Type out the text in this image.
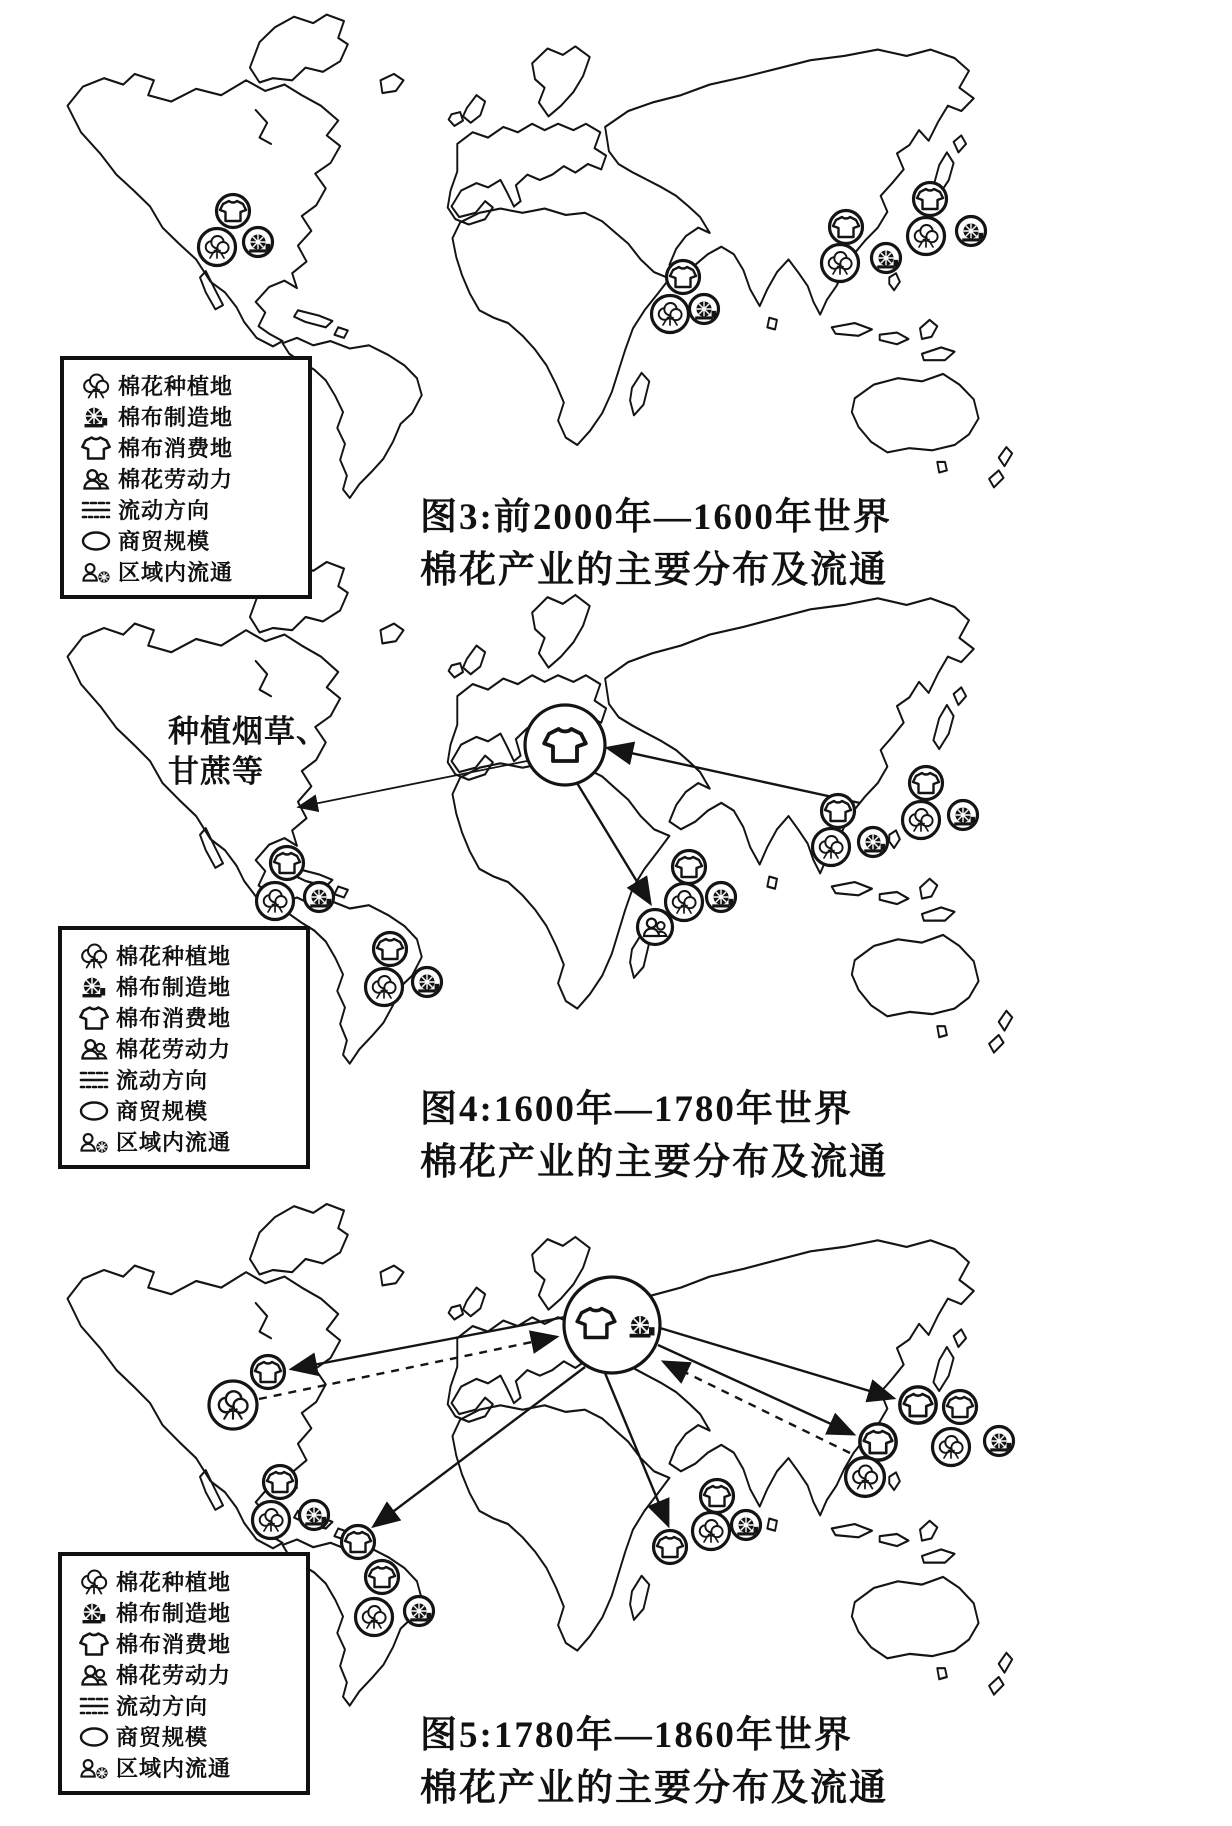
棉花种植地
棉布制造地
棉布消费地
棉花劳动力
流动方向
商贸规模
区域内流通
棉花种植地
棉布制造地
棉布消费地
棉花劳动力
流动方向
商贸规模
区域内流通
棉花种植地
棉布制造地
棉布消费地
棉花劳动力
流动方向
商贸规模
区域内流通
图3:前2000年—1600年世界
棉花产业的主要分布及流通
种植烟草、
甘蔗等
图4:1600年—1780年世界
棉花产业的主要分布及流通
图5:1780年—1860年世界
棉花产业的主要分布及流通
